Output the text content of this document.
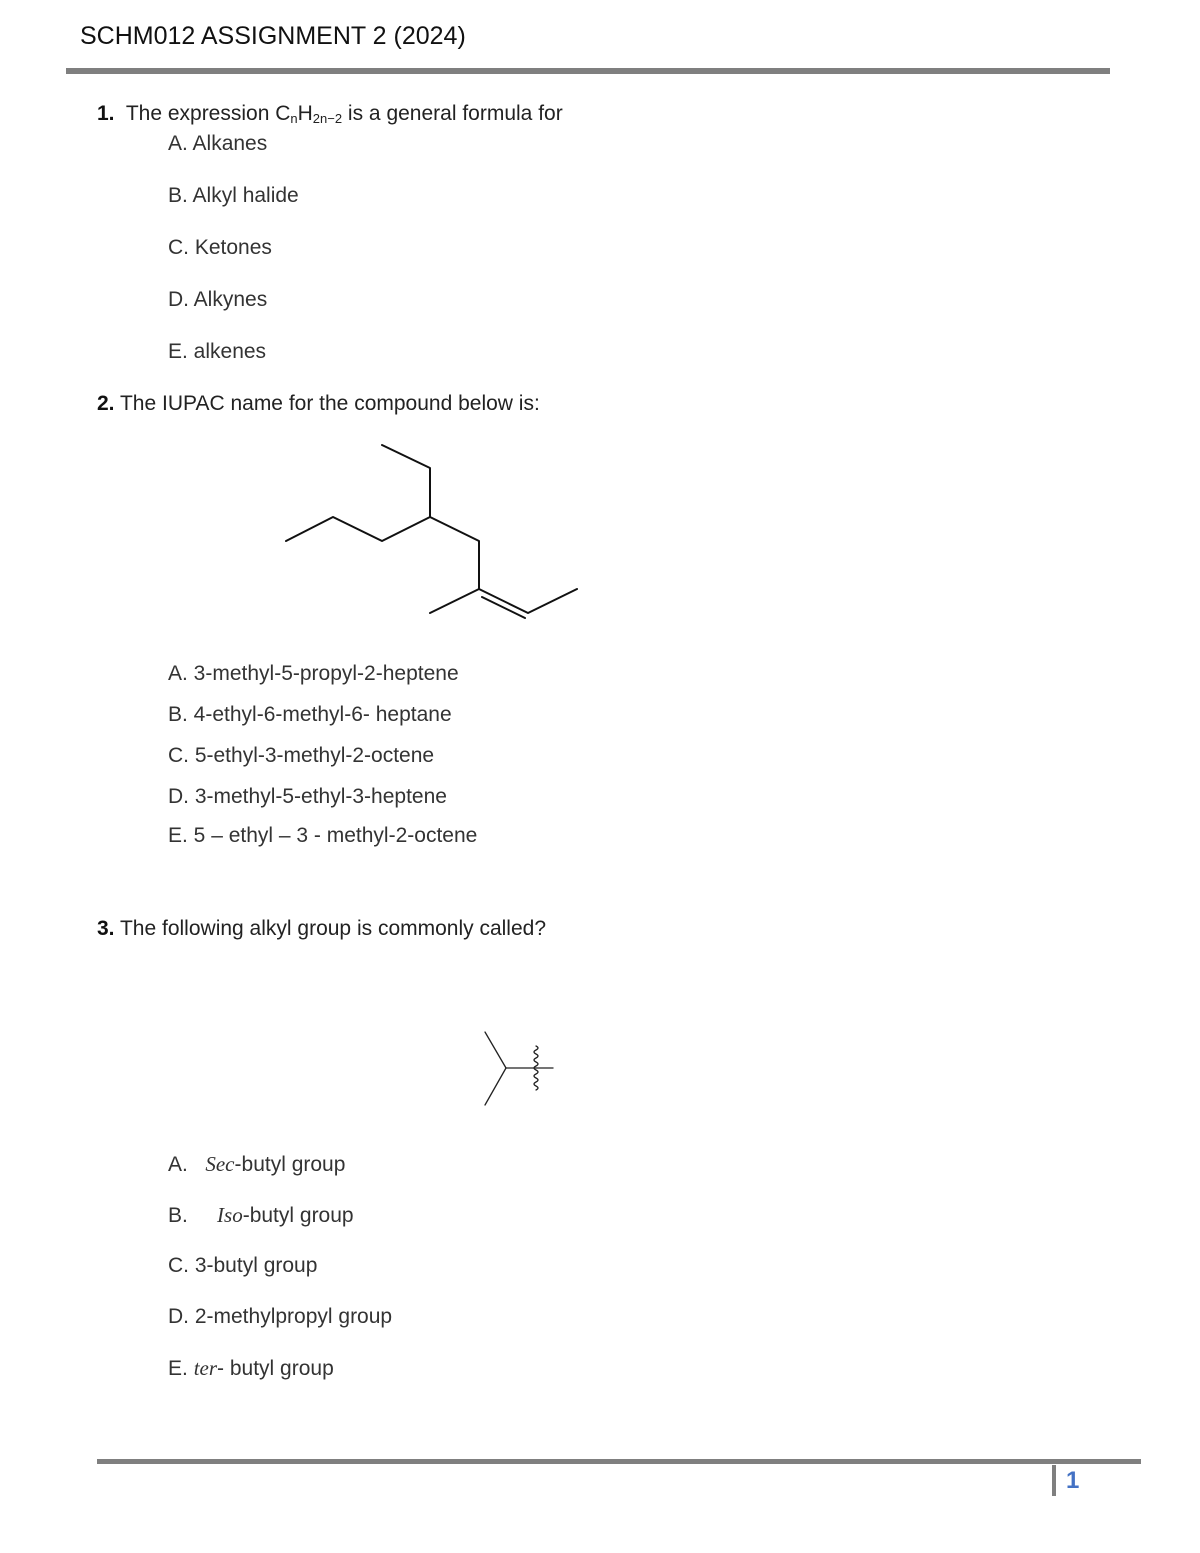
SCHM012 ASSIGNMENT 2 (2024)
1. The expression $C_nH2n-2$ is a general formula for
A. Alkanes
B. Alkyl halide
C. Ketones
D. Alkynes
E. alkenes
2. The IUPAC name for the compound below is:
A. 3-methyl-5-propyl-2-heptene
B. 4-ethyl-6-methyl-6- heptane
C. 5-ethyl-3-methyl-2-octene
D. 3-methyl-5-ethyl-3-heptene
E. 5 – ethyl – 3 - methyl-2-octene
3. The following alkyl group is commonly called?
A. Sec-butyl group
B. Iso-butyl group
C. 3-butyl group
D. 2-methylpropyl group
E. ter- butyl group
1
